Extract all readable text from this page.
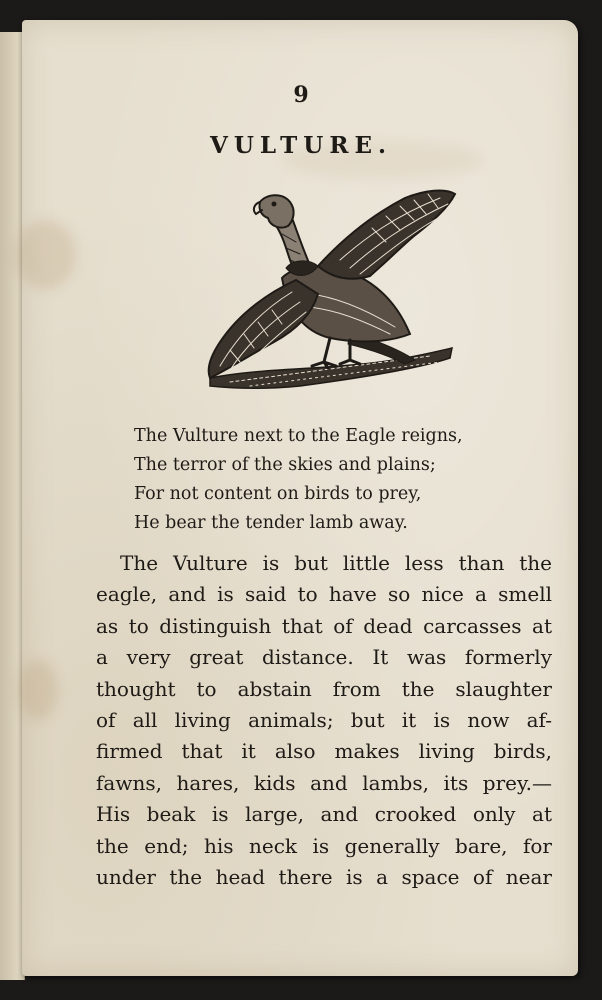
9
VULTURE.
The Vulture next to the Eagle reigns,
The terror of the skies and plains;
For not content on birds to prey,
He bear the tender lamb away.
The Vulture is but little less than the
eagle, and is said to have so nice a smell
as to distinguish that of dead carcasses at
a very great distance. It was formerly
thought to abstain from the slaughter
of all living animals; but it is now af-
firmed that it also makes living birds,
fawns, hares, kids and lambs, its prey.—
His beak is large, and crooked only at
the end; his neck is generally bare, for
under the head there is a space of near
